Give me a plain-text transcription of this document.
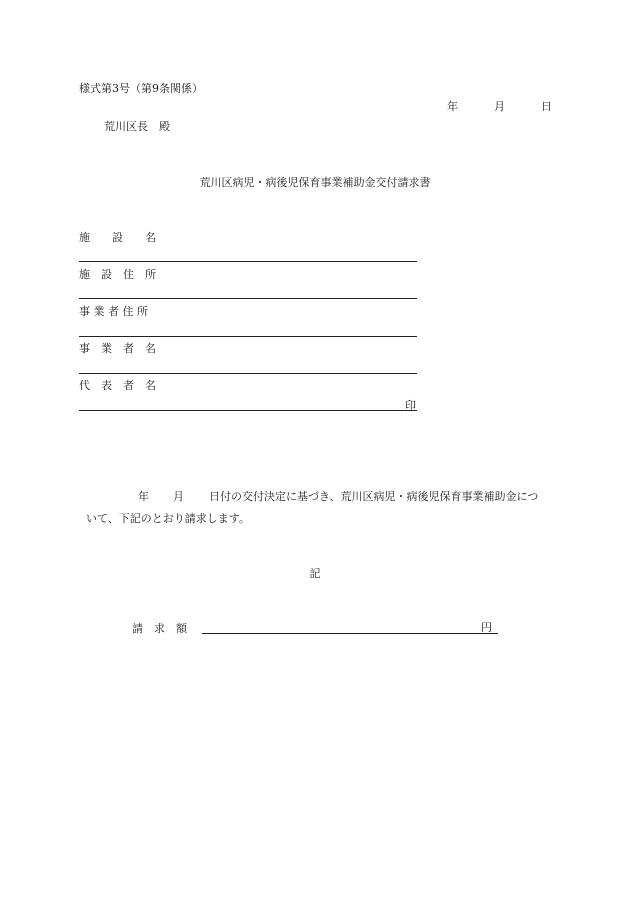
様式第3号（第9条関係）
年	月	日
荒川区長　殿
荒川区病児・病後児保育事業補助金交付請求書
施　　設　　名
施　設　住　所
事 業 者 住 所
事　業　者　名
代　表　者　名
印
年 月 日付の交付決定に基づき、荒川区病児・病後児保育事業補助金につ
いて、下記のとおり請求します。
記
請　求　額	円
